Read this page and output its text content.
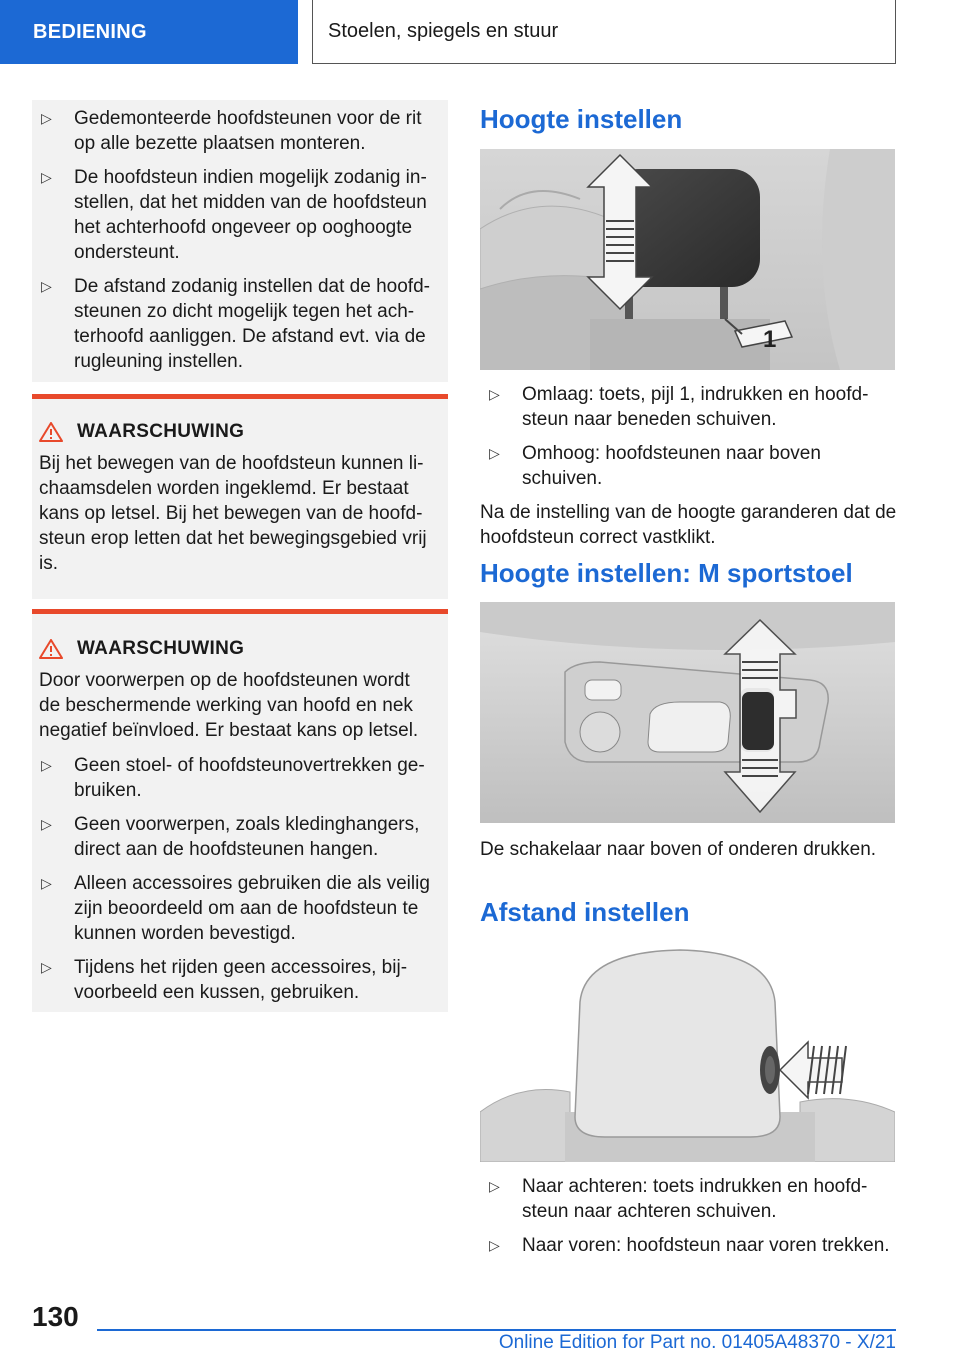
BEDIENING	Stoelen, spiegels en stuur
▷ Gedemonteerde hoofdsteunen voor de rit op alle bezette plaatsen monteren.
▷ De hoofdsteun indien mogelijk zodanig in-stellen, dat het midden van de hoofdsteun het achterhoofd ongeveer op ooghoogte ondersteunt.
▷ De afstand zodanig instellen dat de hoofd-steunen zo dicht mogelijk tegen het ach-terhoofd aanliggen. De afstand evt. via de rugleuning instellen.
WAARSCHUWING
Bij het bewegen van de hoofdsteun kunnen li-chaamsdelen worden ingeklemd. Er bestaat kans op letsel. Bij het bewegen van de hoofd-steun erop letten dat het bewegingsgebied vrij is.
WAARSCHUWING
Door voorwerpen op de hoofdsteunen wordt de beschermende werking van hoofd en nek negatief beïnvloed. Er bestaat kans op letsel.
▷ Geen stoel- of hoofdsteunovertrekken ge-bruiken.
▷ Geen voorwerpen, zoals kledinghangers, direct aan de hoofdsteunen hangen.
▷ Alleen accessoires gebruiken die als veilig zijn beoordeeld om aan de hoofdsteun te kunnen worden bevestigd.
▷ Tijdens het rijden geen accessoires, bij-voorbeeld een kussen, gebruiken.
Hoogte instellen
1
▷ Omlaag: toets, pijl 1, indrukken en hoofd-steun naar beneden schuiven.
▷ Omhoog: hoofdsteunen naar boven schuiven.
Na de instelling van de hoogte garanderen dat de hoofdsteun correct vastklikt.
Hoogte instellen: M sportstoel
De schakelaar naar boven of onderen drukken.
Afstand instellen
▷ Naar achteren: toets indrukken en hoofd-steun naar achteren schuiven.
▷ Naar voren: hoofdsteun naar voren trekken.
130
Online Edition for Part no. 01405A48370 - X/21
